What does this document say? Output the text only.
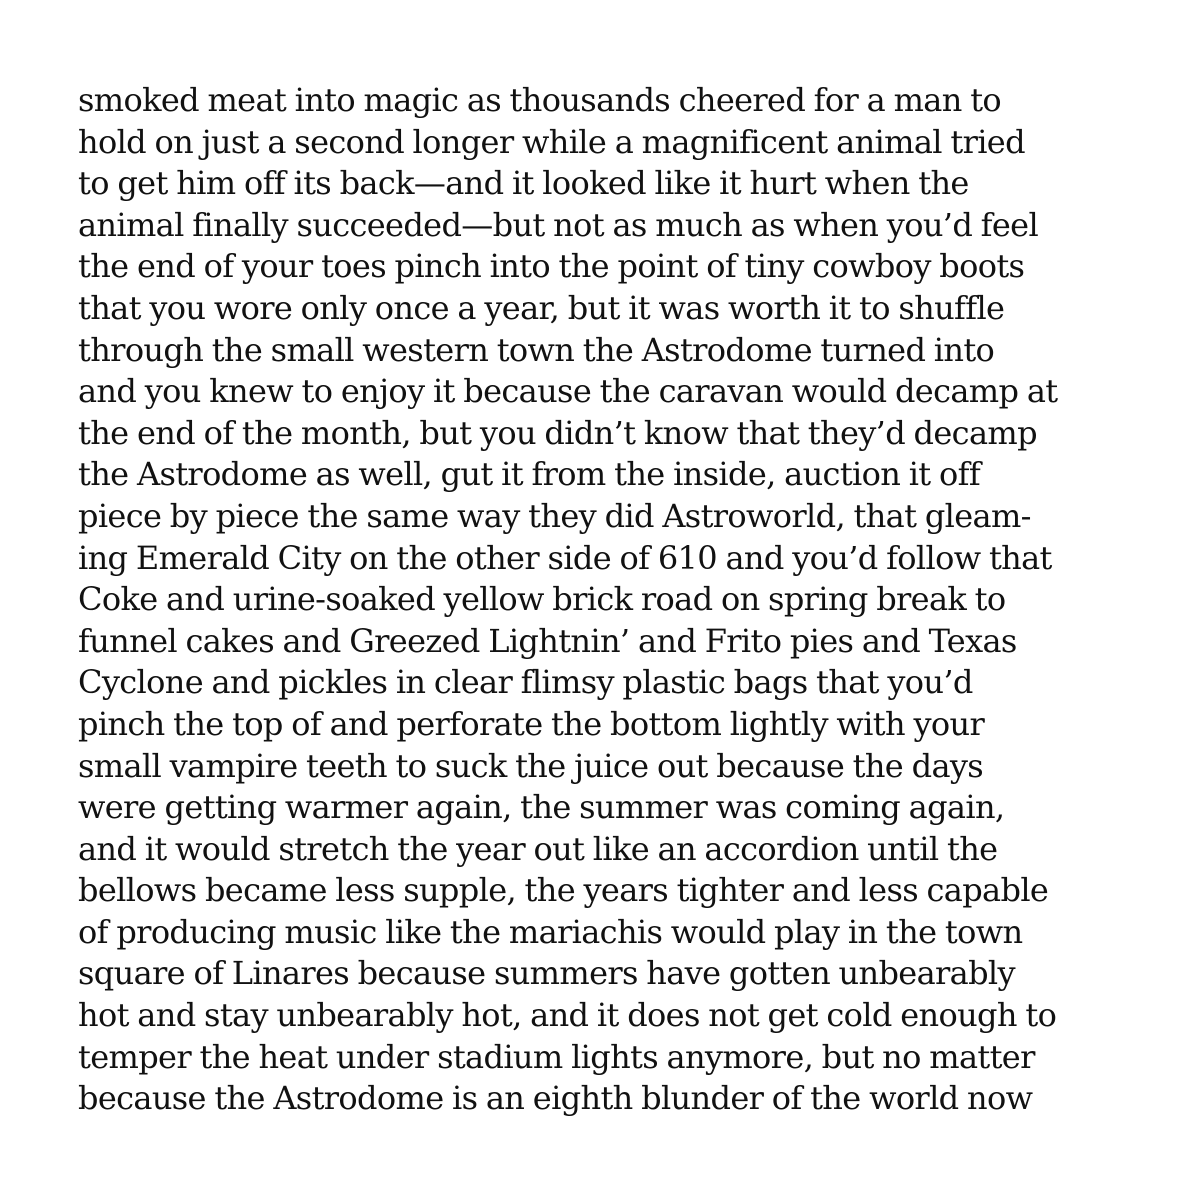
smoked meat into magic as thousands cheered for a man to
hold on just a second longer while a magnificent animal tried
to get him off its back—and it looked like it hurt when the
animal finally succeeded—but not as much as when you’d feel
the end of your toes pinch into the point of tiny cowboy boots
that you wore only once a year, but it was worth it to shuffle
through the small western town the Astrodome turned into
and you knew to enjoy it because the caravan would decamp at
the end of the month, but you didn’t know that they’d decamp
the Astrodome as well, gut it from the inside, auction it off
piece by piece the same way they did Astroworld, that gleam-
ing Emerald City on the other side of 610 and you’d follow that
Coke and urine-soaked yellow brick road on spring break to
funnel cakes and Greezed Lightnin’ and Frito pies and Texas
Cyclone and pickles in clear flimsy plastic bags that you’d
pinch the top of and perforate the bottom lightly with your
small vampire teeth to suck the juice out because the days
were getting warmer again, the summer was coming again,
and it would stretch the year out like an accordion until the
bellows became less supple, the years tighter and less capable
of producing music like the mariachis would play in the town
square of Linares because summers have gotten unbearably
hot and stay unbearably hot, and it does not get cold enough to
temper the heat under stadium lights anymore, but no matter
because the Astrodome is an eighth blunder of the world now
